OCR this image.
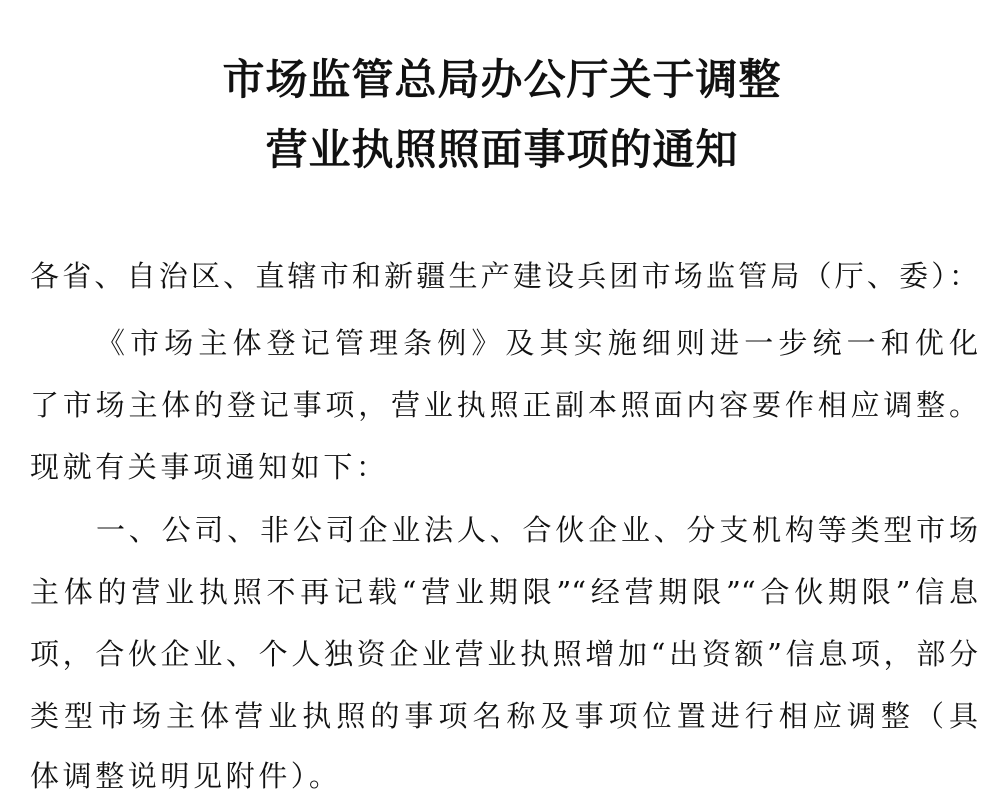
市场监管总局办公厅关于调整
营业执照照面事项的通知
各省、自治区、直辖市和新疆生产建设兵团市场监管局（厅、委）：
《市场主体登记管理条例》及其实施细则进一步统一和优化
了市场主体的登记事项，营业执照正副本照面内容要作相应调整。
现就有关事项通知如下：
一、公司、非公司企业法人、合伙企业、分支机构等类型市场
主体的营业执照不再记载“营业期限”“经营期限”“合伙期限”信息
项，合伙企业、个人独资企业营业执照增加“出资额”信息项，部分
类型市场主体营业执照的事项名称及事项位置进行相应调整（具
体调整说明见附件）。
